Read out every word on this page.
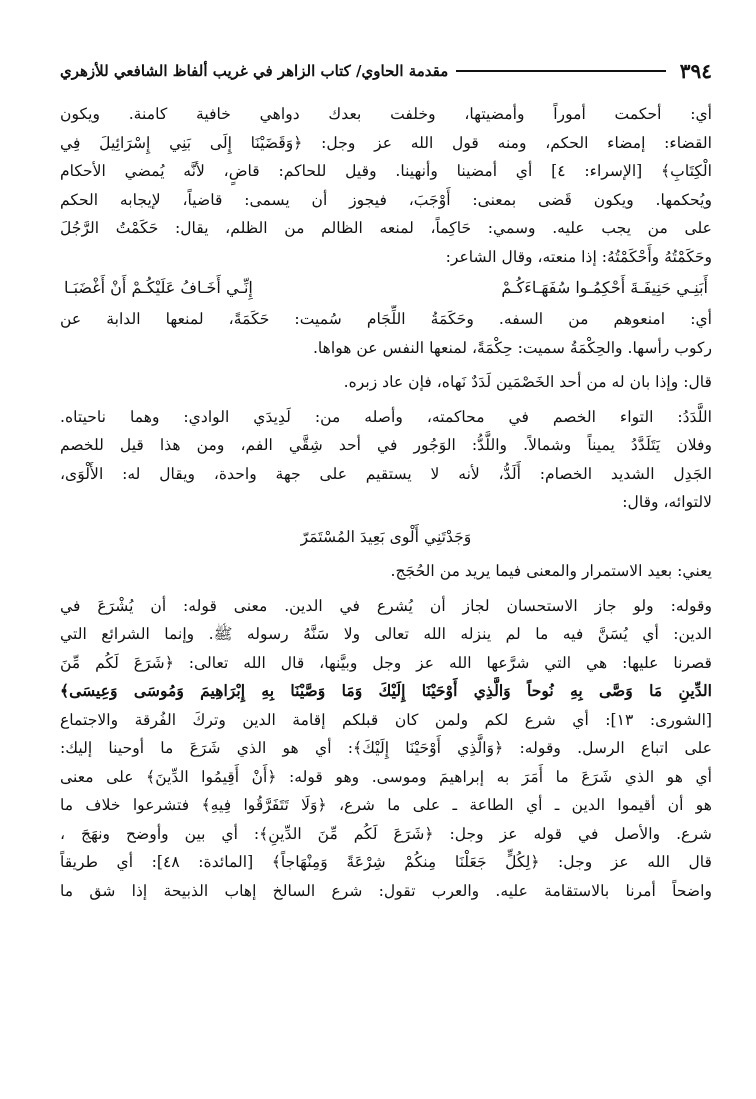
٣٩٤
مقدمة الحاوي/ كتاب الزاهر في غريب ألفاظ الشافعي للأزهري
أي: أحكمت أموراً وأمضيتها، وخلفت بعدك دواهي خافية كامنة. ويكون
القضاء: إمضاء الحكم، ومنه قول الله عز وجل: ﴿وَقَضَيْنَا إِلَى بَنِي إِسْرَائِيلَ فِي
الْكِتَابِ﴾ [الإسراء: ٤] أي أمضينا وأنهينا. وقيل للحاكم: قاضٍ، لأنَّه يُمضي الأحكام
ويُحكمها. ويكون قَضى بمعنى: أَوْجَبَ، فيجوز أن يسمى: قاضياً، لإيجابه الحكم
على من يجب عليه. وسمي: حَاكِماً، لمنعه الظالم من الظلم، يقال: حَكَمْتُ الرَّجُلَ
وحَكَمْتُهُ وأَحْكَمْتُهُ: إذا منعته، وقال الشاعر:
أَبَنِـي حَنِيفَـةَ أَحْكِمُـوا سُفَهَـاءَكُـمْ
إِنِّـي أَخَـافُ عَلَيْكُـمْ أَنْ أَغْضَبَـا
أي: امنعوهم من السفه. وحَكَمَةُ اللِّجَام سُميت: حَكَمَةً، لمنعها الدابة عن
ركوب رأسها. والحِكْمَةُ سميت: حِكْمَةً، لمنعها النفس عن هواها.
قال: وإذا بان له من أحد الخَصْمَين لَدَدٌ نَهاه، فإن عاد زبره.
اللَّدَدُ: التواء الخصم في محاكمته، وأصله من: لَدِيدَي الوادي: وهما ناحيتاه.
وفلان يَتَلَدَّدُ يميناً وشمالاً. واللَّدُّ: الوَجُور في أحد شِقَّي الفم، ومن هذا قيل للخصم
الجَدِل الشديد الخصام: أَلَدُّ، لأنه لا يستقيم على جهة واحدة، ويقال له: الأَلْوَى،
لالتوائه، وقال:
وَجَدْتَنِي أَلْوى بَعِيدَ المُسْتَمَرّ
يعني: بعيد الاستمرار والمعنى فيما يريد من الحُجَج.
وقوله: ولو جاز الاستحسان لجاز أن يُشرع في الدين. معنى قوله: أن يُشْرَعَ في
الدين: أي يُسَنَّ فيه ما لم ينزله الله تعالى ولا سَنَّهُ رسوله ﷺ. وإنما الشرائع التي
قصرنا عليها: هي التي شرَّعها الله عز وجل وبيَّنها، قال الله تعالى: ﴿شَرَعَ لَكُم مِّنَ
الدِّينِ مَا وَصَّى بِهِ نُوحاً وَالَّذِي أَوْحَيْنَا إِلَيْكَ وَمَا وَصَّيْنَا بِهِ إِبْرَاهِيمَ وَمُوسَى وَعِيسَى﴾
[الشورى: ١٣]: أي شرع لكم ولمن كان قبلكم إقامة الدين وتركَ الفُرقة والاجتماع
على اتباع الرسل. وقوله: ﴿وَالَّذِي أَوْحَيْنَا إِلَيْكَ﴾: أي هو الذي شَرَعَ ما أوحينا إليك:
أي هو الذي شَرَعَ ما أَمَرَ به إبراهيمَ وموسى. وهو قوله: ﴿أَنْ أَقِيمُوا الدِّينَ﴾ على معنى
هو أن أقيموا الدين ـ أي الطاعة ـ على ما شرع، ﴿وَلَا تَتَفَرَّقُوا فِيهِ﴾ فتشرعوا خلاف ما
شرع. والأصل في قوله عز وجل: ﴿شَرَعَ لَكُم مِّنَ الدِّينِ﴾: أي بين وأوضح ونهَجَ ،
قال الله عز وجل: ﴿لِكُلٍّ جَعَلْنَا مِنكُمْ شِرْعَةً وَمِنْهَاجاً﴾ [المائدة: ٤٨]: أي طريقاً
واضحاً أمرنا بالاستقامة عليه. والعرب تقول: شرع السالخ إهاب الذبيحة إذا شق ما
